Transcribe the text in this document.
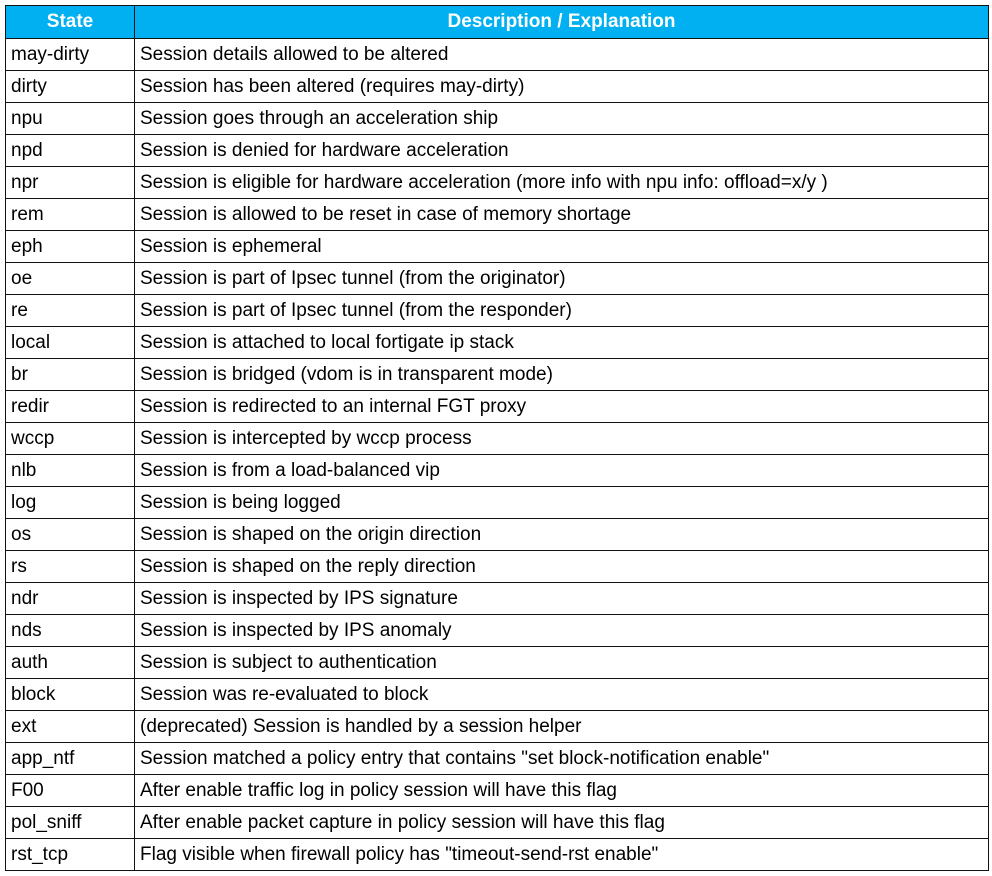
State	Description / Explanation
may-dirty	Session details allowed to be altered
dirty	Session has been altered (requires may-dirty)
npu	Session goes through an acceleration ship
npd	Session is denied for hardware acceleration
npr	Session is eligible for hardware acceleration (more info with npu info: offload=x/y )
rem	Session is allowed to be reset in case of memory shortage
eph	Session is ephemeral
oe	Session is part of Ipsec tunnel (from the originator)
re	Session is part of Ipsec tunnel (from the responder)
local	Session is attached to local fortigate ip stack
br	Session is bridged (vdom is in transparent mode)
redir	Session is redirected to an internal FGT proxy
wccp	Session is intercepted by wccp process
nlb	Session is from a load-balanced vip
log	Session is being logged
os	Session is shaped on the origin direction
rs	Session is shaped on the reply direction
ndr	Session is inspected by IPS signature
nds	Session is inspected by IPS anomaly
auth	Session is subject to authentication
block	Session was re-evaluated to block
ext	(deprecated) Session is handled by a session helper
app_ntf	Session matched a policy entry that contains "set block-notification enable"
F00	After enable traffic log in policy session will have this flag
pol_sniff	After enable packet capture in policy session will have this flag
rst_tcp	Flag visible when firewall policy has "timeout-send-rst enable"
